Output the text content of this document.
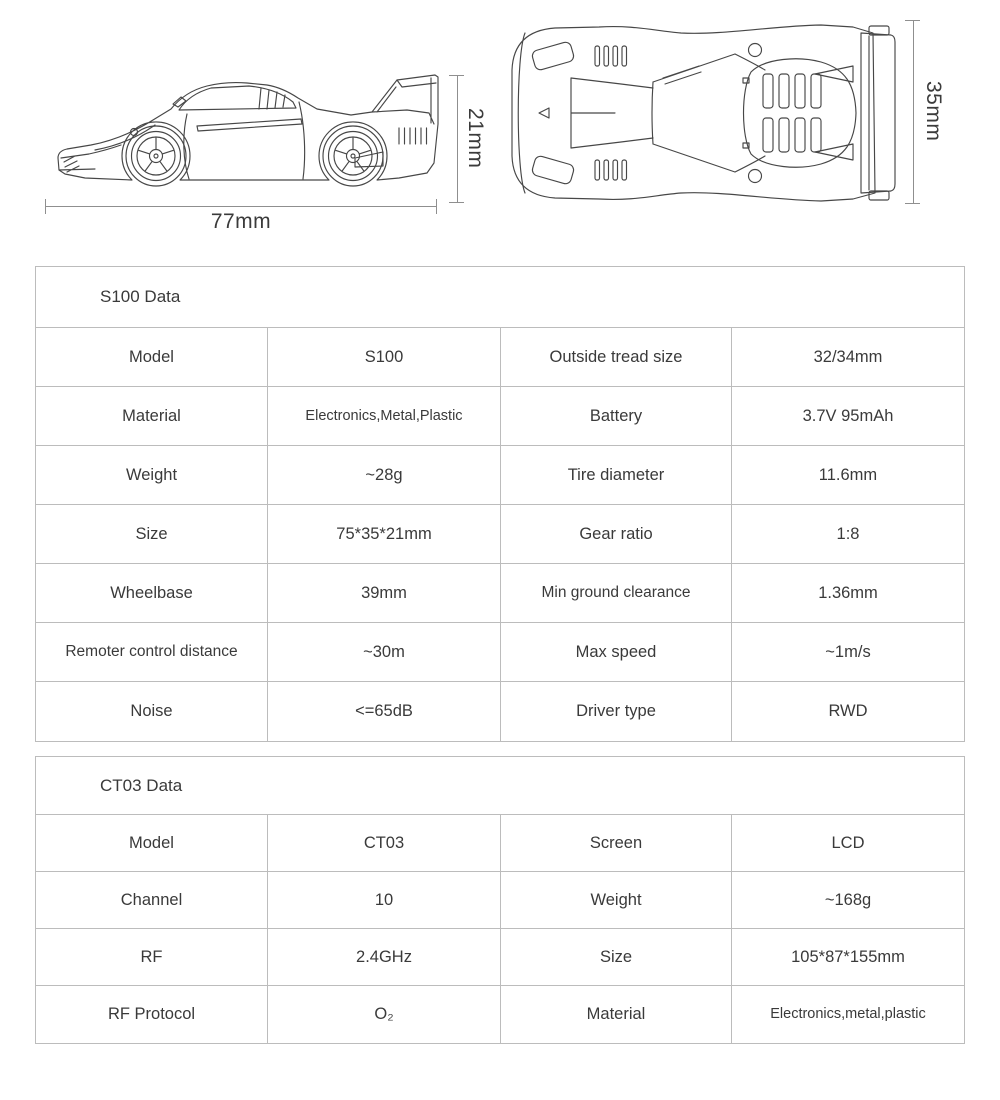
77mm
21mm	35mm
S100 Data
Model	S100	Outside tread size	32/34mm
Material	Electronics,Metal,Plastic	Battery	3.7V 95mAh
Weight	~28g	Tire diameter	11.6mm
Size	75*35*21mm	Gear ratio	1:8
Wheelbase	39mm	Min ground clearance	1.36mm
Remoter control distance	~30m	Max speed	~1m/s
Noise	<=65dB	Driver type	RWD
CT03 Data
Model	CT03	Screen	LCD
Channel	10	Weight	~168g
RF	2.4GHz	Size	105*87*155mm
RF Protocol	O₂	Material	Electronics,metal,plastic
